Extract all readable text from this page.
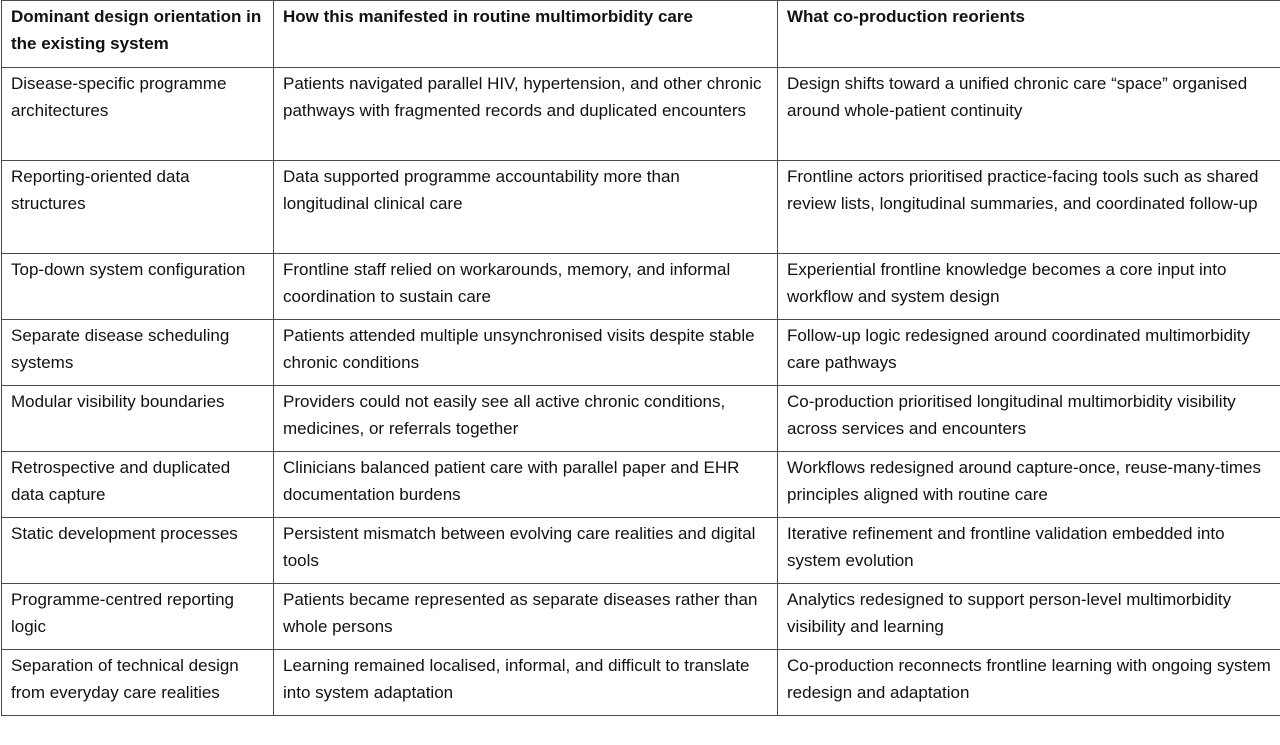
Dominant design orientation in the existing system	How this manifested in routine multimorbidity care	What co-production reorients
Disease-specific programme architectures	Patients navigated parallel HIV, hypertension, and other chronic pathways with fragmented records and duplicated encounters	Design shifts toward a unified chronic care “space” organised around whole-patient continuity
Reporting-oriented data structures	Data supported programme accountability more than longitudinal clinical care	Frontline actors prioritised practice-facing tools such as shared review lists, longitudinal summaries, and coordinated follow-up
Top-down system configuration	Frontline staff relied on workarounds, memory, and informal coordination to sustain care	Experiential frontline knowledge becomes a core input into workflow and system design
Separate disease scheduling systems	Patients attended multiple unsynchronised visits despite stable chronic conditions	Follow-up logic redesigned around coordinated multimorbidity care pathways
Modular visibility boundaries	Providers could not easily see all active chronic conditions, medicines, or referrals together	Co-production prioritised longitudinal multimorbidity visibility across services and encounters
Retrospective and duplicated data capture	Clinicians balanced patient care with parallel paper and EHR documentation burdens	Workflows redesigned around capture-once, reuse-many-times principles aligned with routine care
Static development processes	Persistent mismatch between evolving care realities and digital tools	Iterative refinement and frontline validation embedded into system evolution
Programme-centred reporting logic	Patients became represented as separate diseases rather than whole persons	Analytics redesigned to support person-level multimorbidity visibility and learning
Separation of technical design from everyday care realities	Learning remained localised, informal, and difficult to translate into system adaptation	Co-production reconnects frontline learning with ongoing system redesign and adaptation
